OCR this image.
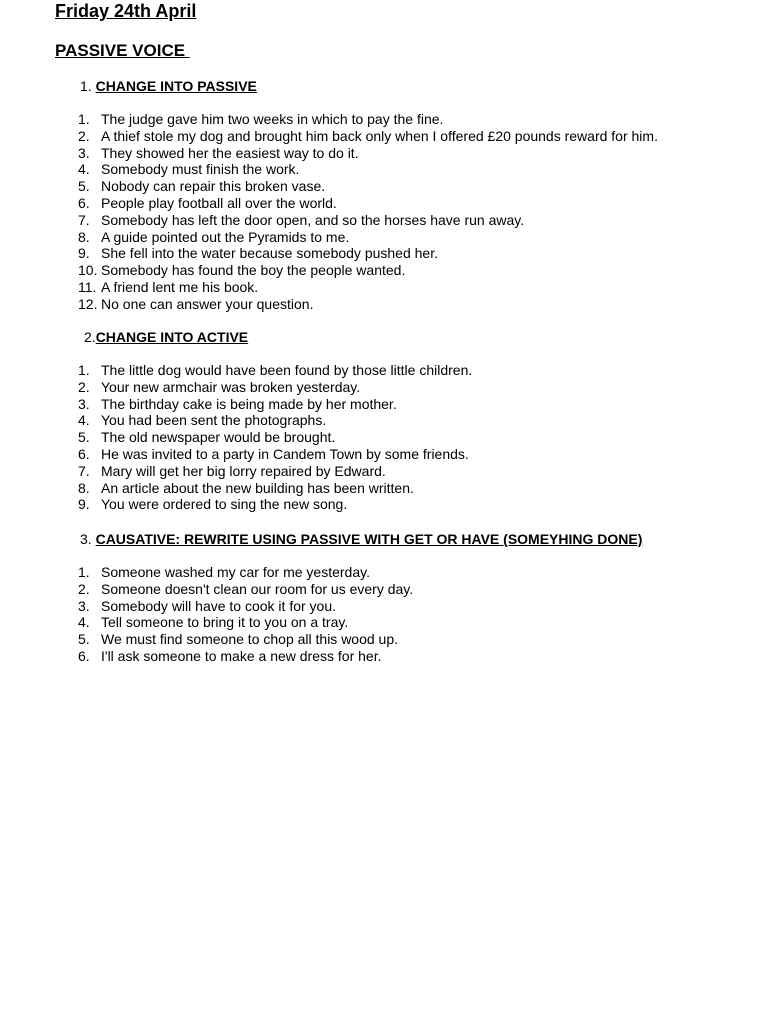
Friday 24th April
PASSIVE VOICE
1. CHANGE INTO PASSIVE
1. The judge gave him two weeks in which to pay the fine.
2. A thief stole my dog and brought him back only when I offered £20 pounds reward for him.
3. They showed her the easiest way to do it.
4. Somebody must finish the work.
5. Nobody can repair this broken vase.
6. People play football all over the world.
7. Somebody has left the door open, and so the horses have run away.
8. A guide pointed out the Pyramids to me.
9. She fell into the water because somebody pushed her.
10. Somebody has found the boy the people wanted.
11. A friend lent me his book.
12. No one can answer your question.
2.CHANGE INTO ACTIVE
1. The little dog would have been found by those little children.
2. Your new armchair was broken yesterday.
3. The birthday cake is being made by her mother.
4. You had been sent the photographs.
5. The old newspaper would be brought.
6. He was invited to a party in Candem Town by some friends.
7. Mary will get her big lorry repaired by Edward.
8. An article about the new building has been written.
9. You were ordered to sing the new song.
3. CAUSATIVE: REWRITE USING PASSIVE WITH GET OR HAVE (SOMEYHING DONE)
1. Someone washed my car for me yesterday.
2. Someone doesn't clean our room for us every day.
3. Somebody will have to cook it for you.
4. Tell someone to bring it to you on a tray.
5. We must find someone to chop all this wood up.
6. I'll ask someone to make a new dress for her.
